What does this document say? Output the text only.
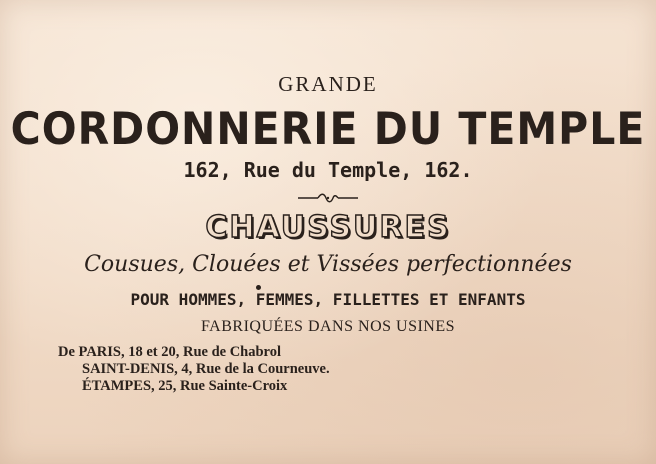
GRANDE
CORDONNERIE DU TEMPLE
162, Rue du Temple, 162.
CHAUSSURES
Cousues, Clouées et Vissées perfectionnées
POUR HOMMES, FEMMES, FILLETTES ET ENFANTS
FABRIQUÉES DANS NOS USINES
De PARIS, 18 et 20, Rue de Chabrol
SAINT-DENIS, 4, Rue de la Courneuve.
ÉTAMPES, 25, Rue Sainte-Croix
